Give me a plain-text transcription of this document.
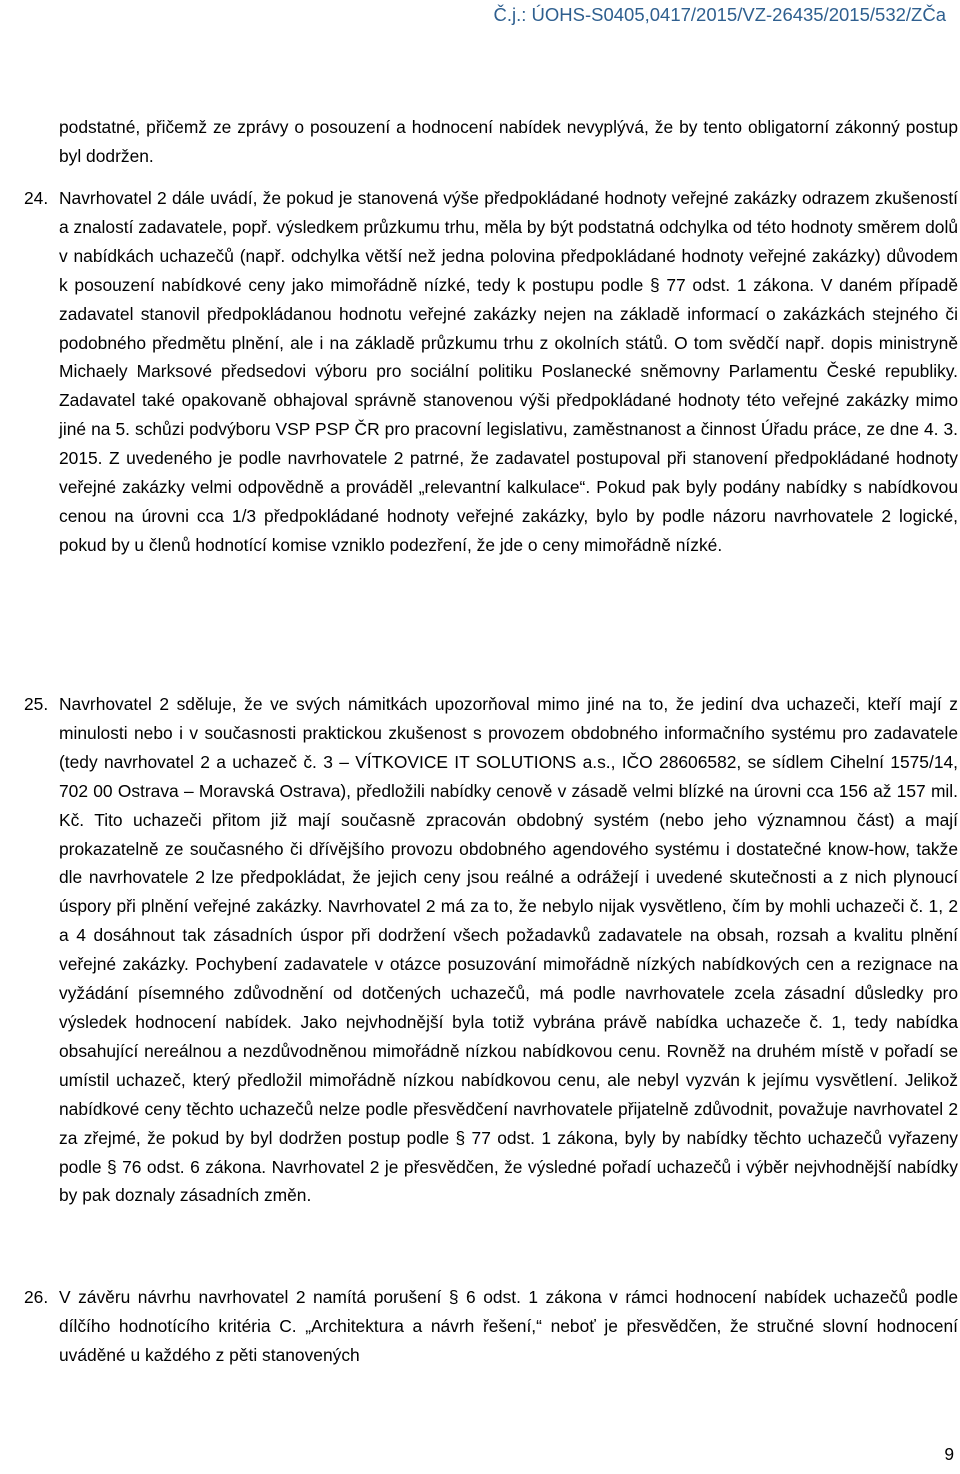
Č.j.: ÚOHS-S0405,0417/2015/VZ-26435/2015/532/ZČa

podstatné, přičemž ze zprávy o posouzení a hodnocení nabídek nevyplývá, že by tento obligatorní zákonný postup byl dodržen.

24. Navrhovatel 2 dále uvádí, že pokud je stanovená výše předpokládané hodnoty veřejné zakázky odrazem zkušeností a znalostí zadavatele, popř. výsledkem průzkumu trhu, měla by být podstatná odchylka od této hodnoty směrem dolů v nabídkách uchazečů (např. odchylka větší než jedna polovina předpokládané hodnoty veřejné zakázky) důvodem k posouzení nabídkové ceny jako mimořádně nízké, tedy k postupu podle § 77 odst. 1 zákona. V daném případě zadavatel stanovil předpokládanou hodnotu veřejné zakázky nejen na základě informací o zakázkách stejného či podobného předmětu plnění, ale i na základě průzkumu trhu z okolních států. O tom svědčí např. dopis ministryně Michaely Marksové předsedovi výboru pro sociální politiku Poslanecké sněmovny Parlamentu České republiky. Zadavatel také opakovaně obhajoval správně stanovenou výši předpokládané hodnoty této veřejné zakázky mimo jiné na 5. schůzi podvýboru VSP PSP ČR pro pracovní legislativu, zaměstnanost a činnost Úřadu práce, ze dne 4. 3. 2015. Z uvedeného je podle navrhovatele 2 patrné, že zadavatel postupoval při stanovení předpokládané hodnoty veřejné zakázky velmi odpovědně a prováděl „relevantní kalkulace“. Pokud pak byly podány nabídky s nabídkovou cenou na úrovni cca 1/3 předpokládané hodnoty veřejné zakázky, bylo by podle názoru navrhovatele 2 logické, pokud by u členů hodnotící komise vzniklo podezření, že jde o ceny mimořádně nízké.

25. Navrhovatel 2 sděluje, že ve svých námitkách upozorňoval mimo jiné na to, že jediní dva uchazeči, kteří mají z minulosti nebo i v současnosti praktickou zkušenost s provozem obdobného informačního systému pro zadavatele (tedy navrhovatel 2 a uchazeč č. 3 – VÍTKOVICE IT SOLUTIONS a.s., IČO 28606582, se sídlem Cihelní 1575/14, 702 00 Ostrava – Moravská Ostrava), předložili nabídky cenově v zásadě velmi blízké na úrovni cca 156 až 157 mil. Kč. Tito uchazeči přitom již mají současně zpracován obdobný systém (nebo jeho významnou část) a mají prokazatelně ze současného či dřívějšího provozu obdobného agendového systému i dostatečné know-how, takže dle navrhovatele 2 lze předpokládat, že jejich ceny jsou reálné a odrážejí i uvedené skutečnosti a z nich plynoucí úspory při plnění veřejné zakázky. Navrhovatel 2 má za to, že nebylo nijak vysvětleno, čím by mohli uchazeči č. 1, 2 a 4 dosáhnout tak zásadních úspor při dodržení všech požadavků zadavatele na obsah, rozsah a kvalitu plnění veřejné zakázky. Pochybení zadavatele v otázce posuzování mimořádně nízkých nabídkových cen a rezignace na vyžádání písemného zdůvodnění od dotčených uchazečů, má podle navrhovatele zcela zásadní důsledky pro výsledek hodnocení nabídek. Jako nejvhodnější byla totiž vybrána právě nabídka uchazeče č. 1, tedy nabídka obsahující nereálnou a nezdůvodněnou mimořádně nízkou nabídkovou cenu. Rovněž na druhém místě v pořadí se umístil uchazeč, který předložil mimořádně nízkou nabídkovou cenu, ale nebyl vyzván k jejímu vysvětlení. Jelikož nabídkové ceny těchto uchazečů nelze podle přesvědčení navrhovatele přijatelně zdůvodnit, považuje navrhovatel 2 za zřejmé, že pokud by byl dodržen postup podle § 77 odst. 1 zákona, byly by nabídky těchto uchazečů vyřazeny podle § 76 odst. 6 zákona. Navrhovatel 2 je přesvědčen, že výsledné pořadí uchazečů i výběr nejvhodnější nabídky by pak doznaly zásadních změn.

26. V závěru návrhu navrhovatel 2 namítá porušení § 6 odst. 1 zákona v rámci hodnocení nabídek uchazečů podle dílčího hodnotícího kritéria C. „Architektura a návrh řešení,“ neboť je přesvědčen, že stručné slovní hodnocení uváděné u každého z pěti stanovených

9
